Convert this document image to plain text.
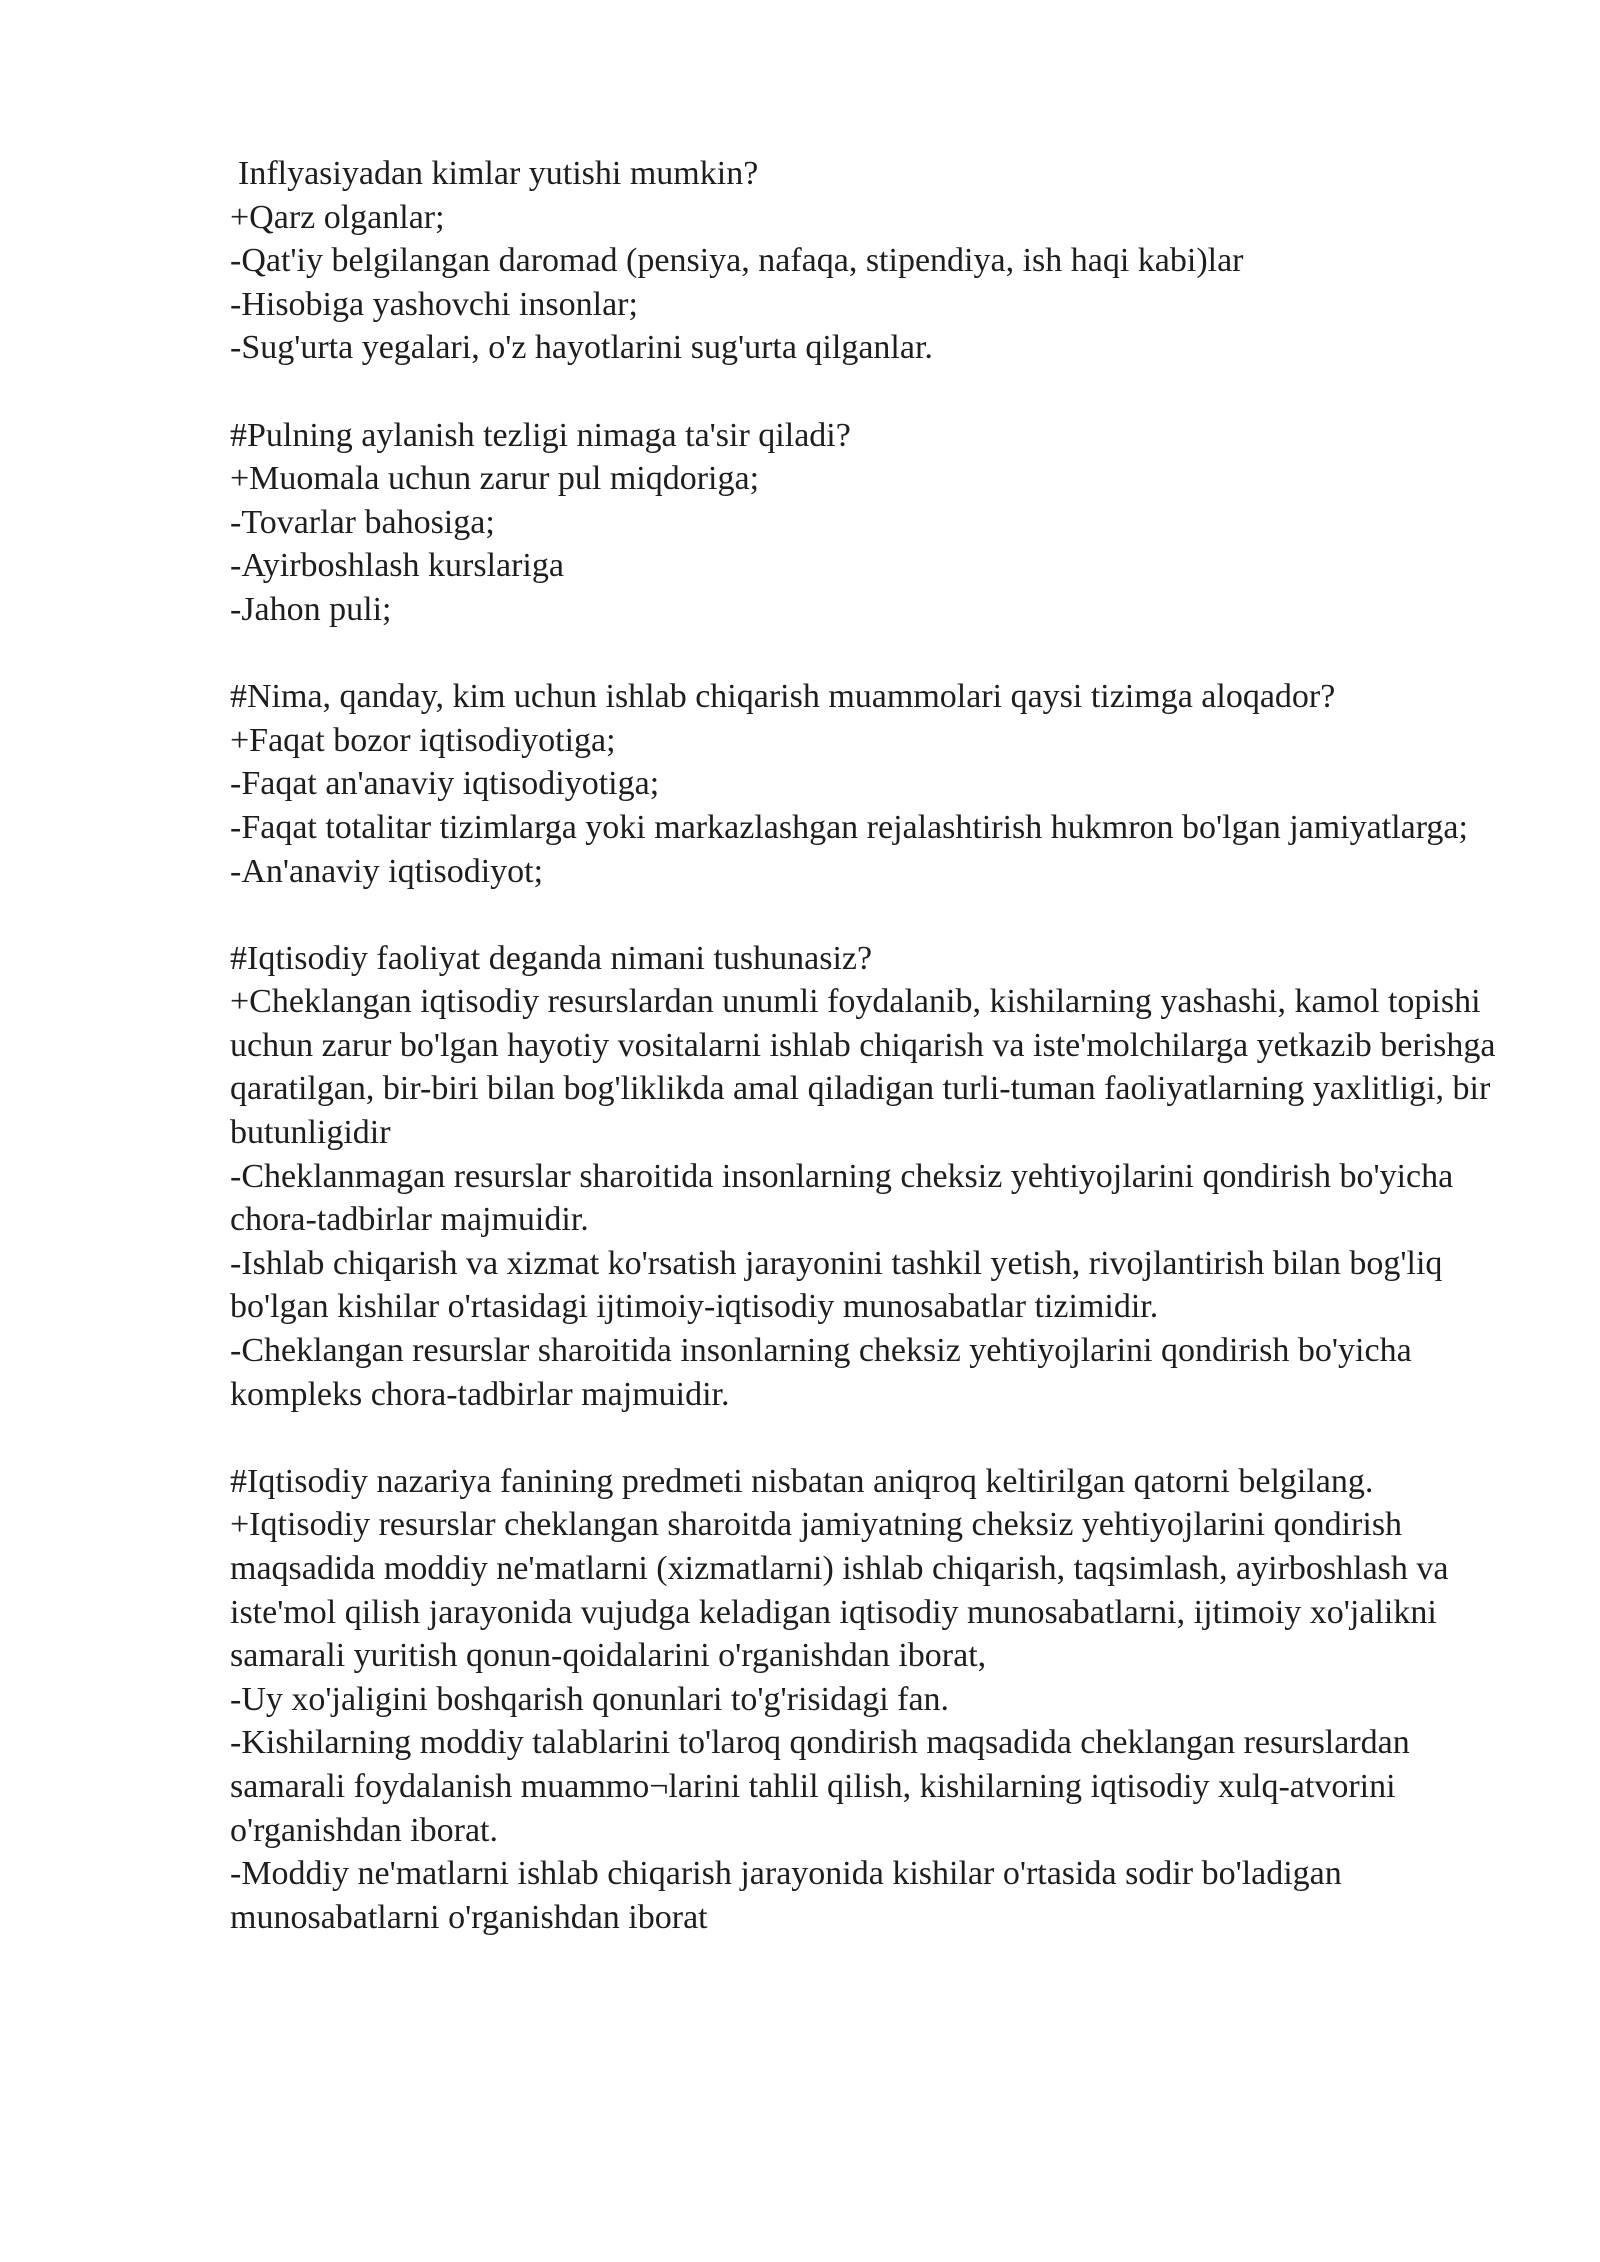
Inflyasiyadan kimlar yutishi mumkin?

+Qarz olganlar;

-Qat'iy belgilangan daromad (pensiya, nafaqa, stipendiya, ish haqi kabi)lar

-Hisobiga yashovchi insonlar;

-Sug'urta yegalari, o'z hayotlarini sug'urta qilganlar.

#Pulning aylanish tezligi nimaga ta'sir qiladi?

+Muomala uchun zarur pul miqdoriga;

-Tovarlar bahosiga;

-Ayirboshlash kurslariga

-Jahon puli;

#Nima, qanday, kim uchun ishlab chiqarish muammolari qaysi tizimga aloqador?

+Faqat bozor iqtisodiyotiga;

-Faqat an'anaviy iqtisodiyotiga;

-Faqat totalitar tizimlarga yoki markazlashgan rejalashtirish hukmron bo'lgan jamiyatlarga;

-An'anaviy iqtisodiyot;

#Iqtisodiy faoliyat deganda nimani tushunasiz?

+Cheklangan iqtisodiy resurslardan unumli foydalanib, kishilarning yashashi, kamol topishi uchun zarur bo'lgan hayotiy vositalarni ishlab chiqarish va iste'molchilarga yetkazib berishga qaratilgan, bir-biri bilan bog'liklikda amal qiladigan turli-tuman faoliyatlarning yaxlitligi, bir butunligidir

-Cheklanmagan resurslar sharoitida insonlarning cheksiz yehtiyojlarini qondirish bo'yicha chora-tadbirlar majmuidir.

-Ishlab chiqarish va xizmat ko'rsatish jarayonini tashkil yetish, rivojlantirish bilan bog'liq bo'lgan kishilar o'rtasidagi ijtimoiy-iqtisodiy munosabatlar tizimidir.

-Cheklangan resurslar sharoitida insonlarning cheksiz yehtiyojlarini qondirish bo'yicha kompleks chora-tadbirlar majmuidir.

#Iqtisodiy nazariya fanining predmeti nisbatan aniqroq keltirilgan qatorni belgilang.

+Iqtisodiy resurslar cheklangan sharoitda jamiyatning cheksiz yehtiyojlarini qondirish maqsadida moddiy ne'matlarni (xizmatlarni) ishlab chiqarish, taqsimlash, ayirboshlash va iste'mol qilish jarayonida vujudga keladigan iqtisodiy munosabatlarni, ijtimoiy xo'jalikni samarali yuritish qonun-qoidalarini o'rganishdan iborat,

-Uy xo'jaligini boshqarish qonunlari to'g'risidagi fan.

-Kishilarning moddiy talablarini to'laroq qondirish maqsadida cheklangan resurslardan samarali foydalanish muammo¬larini tahlil qilish, kishilarning iqtisodiy xulq-atvorini o'rganishdan iborat.

-Moddiy ne'matlarni ishlab chiqarish jarayonida kishilar o'rtasida sodir bo'ladigan munosabatlarni o'rganishdan iborat
